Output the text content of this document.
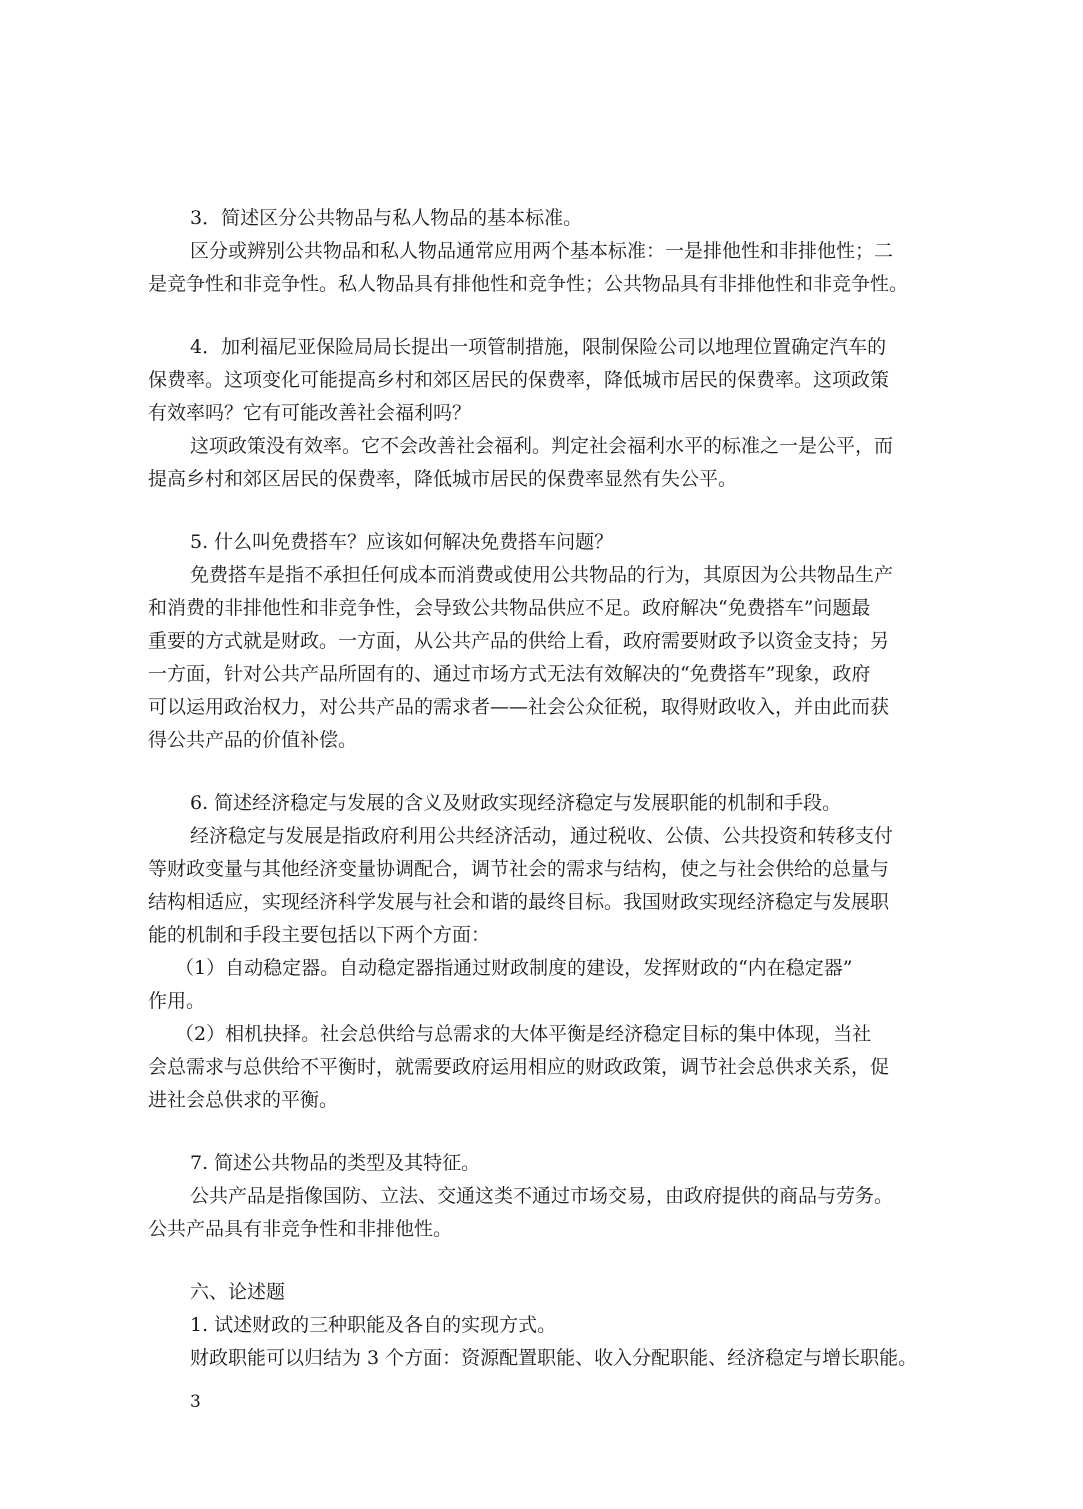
3．简述区分公共物品与私人物品的基本标准。
区分或辨别公共物品和私人物品通常应用两个基本标准：一是排他性和非排他性；二
是竞争性和非竞争性。私人物品具有排他性和竞争性；公共物品具有非排他性和非竞争性。
4．加利福尼亚保险局局长提出一项管制措施，限制保险公司以地理位置确定汽车的
保费率。这项变化可能提高乡村和郊区居民的保费率，降低城市居民的保费率。这项政策
有效率吗？它有可能改善社会福利吗？
这项政策没有效率。它不会改善社会福利。判定社会福利水平的标准之一是公平，而
提高乡村和郊区居民的保费率，降低城市居民的保费率显然有失公平。
5. 什么叫免费搭车？应该如何解决免费搭车问题？
免费搭车是指不承担任何成本而消费或使用公共物品的行为，其原因为公共物品生产
和消费的非排他性和非竞争性，会导致公共物品供应不足。政府解决“免费搭车”问题最
重要的方式就是财政。一方面，从公共产品的供给上看，政府需要财政予以资金支持；另
一方面，针对公共产品所固有的、通过市场方式无法有效解决的“免费搭车”现象，政府
可以运用政治权力，对公共产品的需求者——社会公众征税，取得财政收入，并由此而获
得公共产品的价值补偿。
6. 简述经济稳定与发展的含义及财政实现经济稳定与发展职能的机制和手段。
经济稳定与发展是指政府利用公共经济活动，通过税收、公债、公共投资和转移支付
等财政变量与其他经济变量协调配合，调节社会的需求与结构，使之与社会供给的总量与
结构相适应，实现经济科学发展与社会和谐的最终目标。我国财政实现经济稳定与发展职
能的机制和手段主要包括以下两个方面：
（1）自动稳定器。自动稳定器指通过财政制度的建设，发挥财政的“内在稳定器”
作用。
（2）相机抉择。社会总供给与总需求的大体平衡是经济稳定目标的集中体现，当社
会总需求与总供给不平衡时，就需要政府运用相应的财政政策，调节社会总供求关系，促
进社会总供求的平衡。
7. 简述公共物品的类型及其特征。
公共产品是指像国防、立法、交通这类不通过市场交易，由政府提供的商品与劳务。
公共产品具有非竞争性和非排他性。
六、论述题
1. 试述财政的三种职能及各自的实现方式。
财政职能可以归结为 3 个方面：资源配置职能、收入分配职能、经济稳定与增长职能。
3
